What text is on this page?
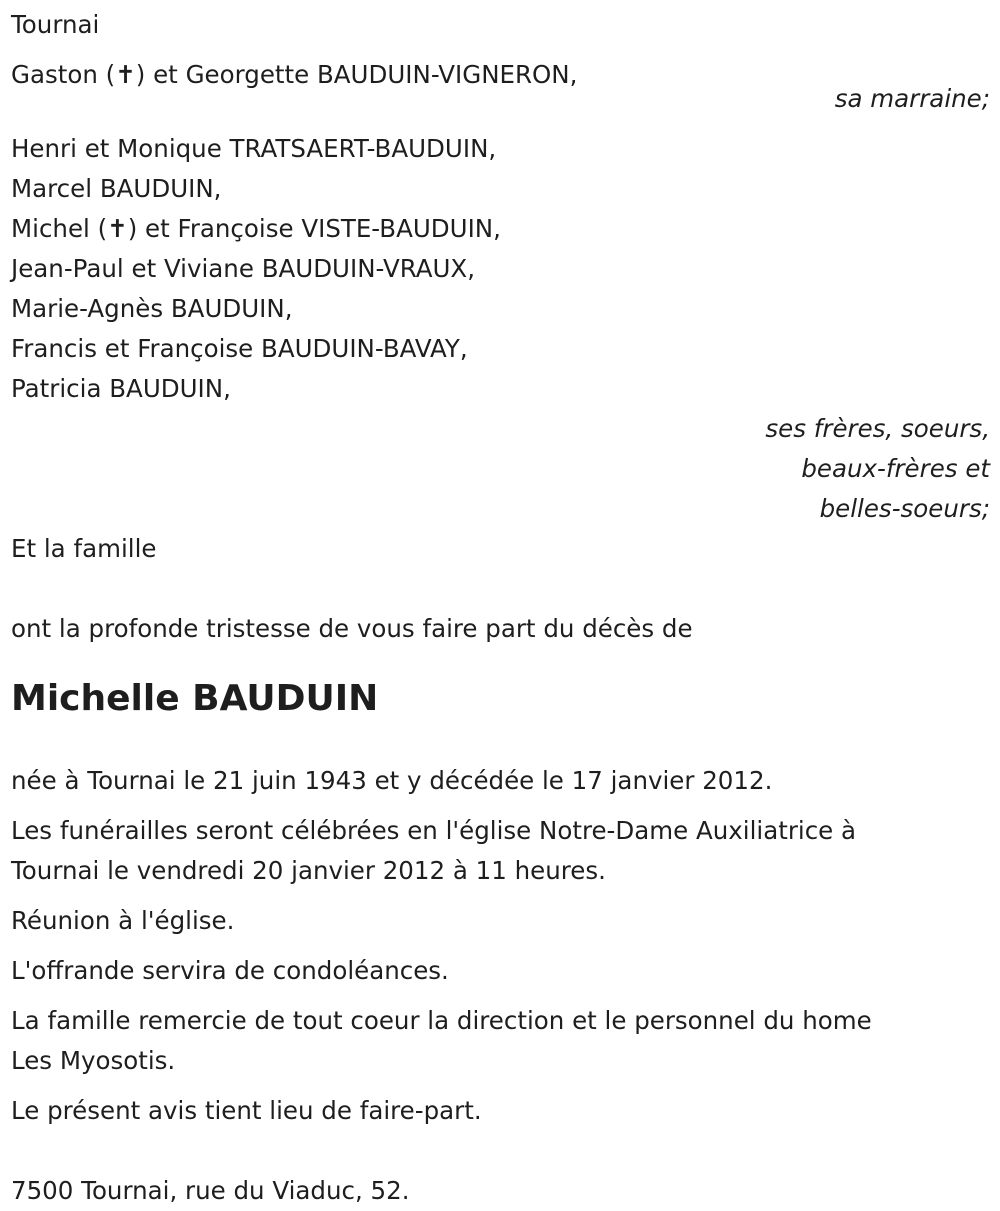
Tournai
Gaston (✝) et Georgette BAUDUIN-VIGNERON,
sa marraine;
Henri et Monique TRATSAERT-BAUDUIN,
Marcel BAUDUIN,
Michel (✝) et Françoise VISTE-BAUDUIN,
Jean-Paul et Viviane BAUDUIN-VRAUX,
Marie-Agnès BAUDUIN,
Francis et Françoise BAUDUIN-BAVAY,
Patricia BAUDUIN,
ses frères, soeurs,
beaux-frères et
belles-soeurs;
Et la famille
ont la profonde tristesse de vous faire part du décès de
Michelle BAUDUIN
née à Tournai le 21 juin 1943 et y décédée le 17 janvier 2012.
Les funérailles seront célébrées en l'église Notre-Dame Auxiliatrice à
Tournai le vendredi 20 janvier 2012 à 11 heures.
Réunion à l'église.
L'offrande servira de condoléances.
La famille remercie de tout coeur la direction et le personnel du home
Les Myosotis.
Le présent avis tient lieu de faire-part.
7500 Tournai, rue du Viaduc, 52.
